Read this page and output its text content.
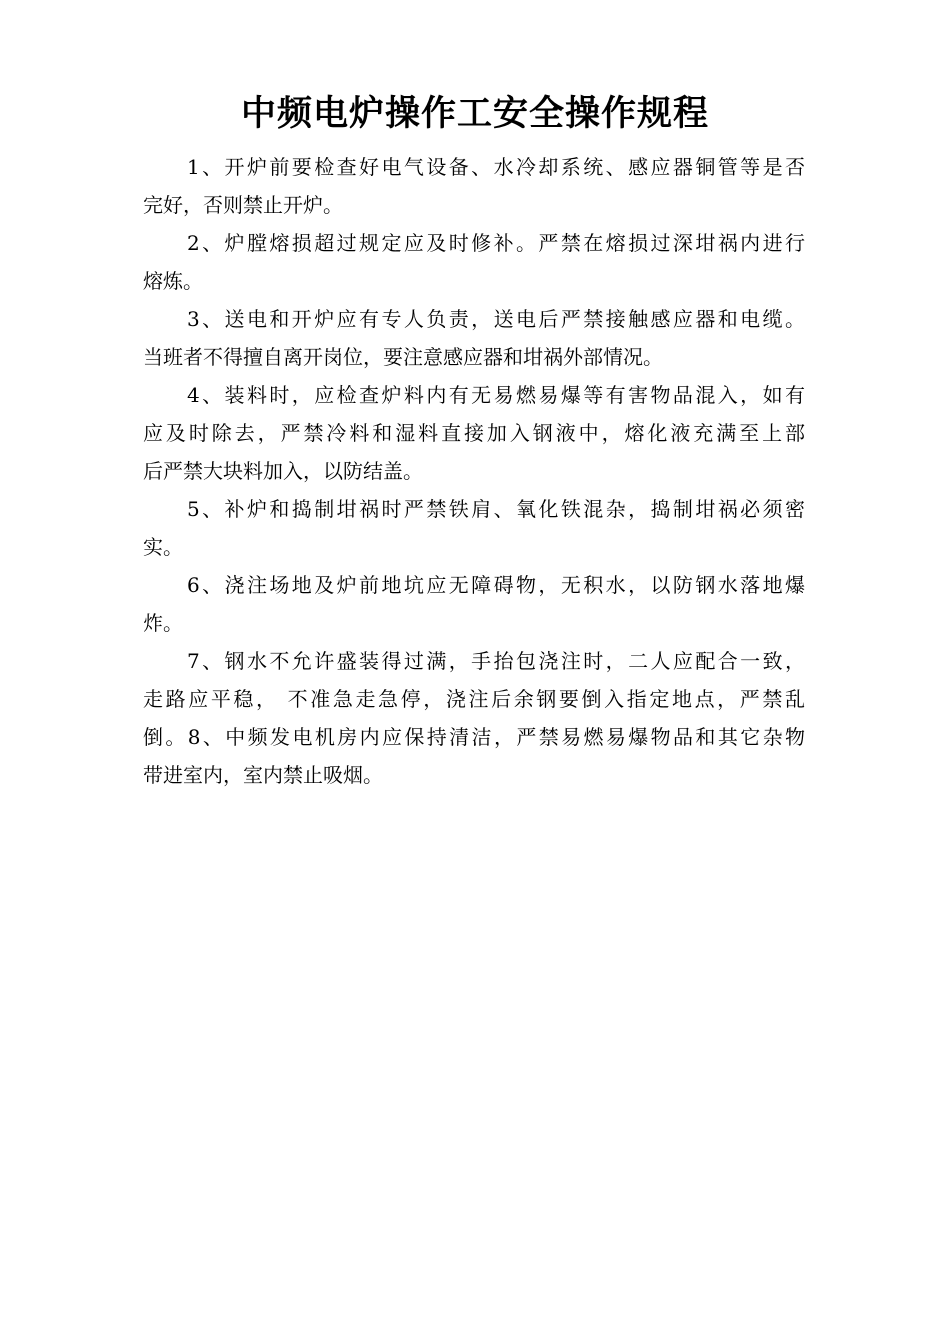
中频电炉操作工安全操作规程

1、开炉前要检查好电气设备、水冷却系统、感应器铜管等是否
完好，否则禁止开炉。

2、炉膛熔损超过规定应及时修补。严禁在熔损过深坩祸内进行
熔炼。

3、送电和开炉应有专人负责，送电后严禁接触感应器和电缆。
当班者不得擅自离开岗位，要注意感应器和坩祸外部情况。

4、装料时，应检查炉料内有无易燃易爆等有害物品混入，如有
应及时除去，严禁冷料和湿料直接加入钢液中，熔化液充满至上部
后严禁大块料加入，以防结盖。

5、补炉和捣制坩祸时严禁铁肩、氧化铁混杂，捣制坩祸必须密
实。

6、浇注场地及炉前地坑应无障碍物，无积水，以防钢水落地爆
炸。

7、钢水不允许盛装得过满，手抬包浇注时，二人应配合一致，
走路应平稳， 不准急走急停，浇注后余钢要倒入指定地点，严禁乱
倒。8、中频发电机房内应保持清洁，严禁易燃易爆物品和其它杂物
带进室内，室内禁止吸烟。
